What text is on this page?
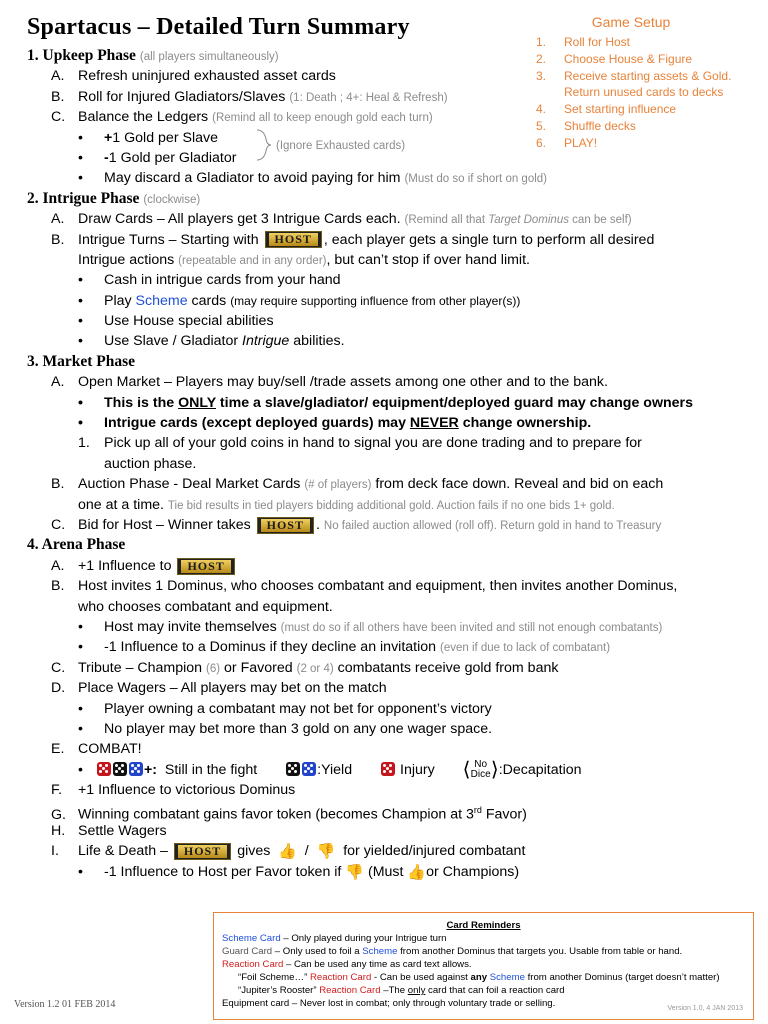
Spartacus – Detailed Turn Summary	Game Setup
1.	Roll for Host
2.	Choose House & Figure
3.	Receive starting assets & Gold. Return unused cards to decks
4.	Set starting influence
5.	Shuffle decks
6.	PLAY!
(Ignore Exhausted cards)
1. Upkeep Phase (all players simultaneously)
A. Refresh uninjured exhausted asset cards
B. Roll for Injured Gladiators/Slaves (1: Death ; 4+: Heal & Refresh)
C. Balance the Ledgers (Remind all to keep enough gold each turn)
•+1 Gold per Slave
•-1 Gold per Gladiator
•May discard a Gladiator to avoid paying for him (Must do so if short on gold)
2. Intrigue Phase (clockwise)
A. Draw Cards – All players get 3 Intrigue Cards each. (Remind all that Target Dominus can be self)
B. Intrigue Turns – Starting with HOST , each player gets a single turn to perform all desired
Intrigue actions (repeatable and in any order), but can’t stop if over hand limit.
•Cash in intrigue cards from your hand
•Play Scheme cards (may require supporting influence from other player(s))
•Use House special abilities
•Use Slave / Gladiator Intrigue abilities.
3. Market Phase
A. Open Market – Players may buy/sell /trade assets among one other and to the bank.
•This is the ONLY time a slave/gladiator/ equipment/deployed guard may change owners
•Intrigue cards (except deployed guards) may NEVER change ownership.
•
1. Pick up all of your gold coins in hand to signal you are done trading and to prepare for
auction phase.
B. Auction Phase - Deal Market Cards (# of players) from deck face down. Reveal and bid on each
one at a time. Tie bid results in tied players bidding additional gold. Auction fails if no one bids 1+ gold.
C. Bid for Host – Winner takes HOST . No failed auction allowed (roll off). Return gold in hand to Treasury
4. Arena Phase
A. +1 Influence to HOST
B. Host invites 1 Dominus, who chooses combatant and equipment, then invites another Dominus,
who chooses combatant and equipment.
•Host may invite themselves (must do so if all others have been invited and still not enough combatants)
•-1 Influence to a Dominus if they decline an invitation (even if due to lack of combatant)
C. Tribute – Champion (6) or Favored (2 or 4) combatants receive gold from bank
D. Place Wagers – All players may bet on the match
•Player owning a combatant may not bet for opponent’s victory
•No player may bet more than 3 gold on any one wager space.
E. COMBAT!
•+: Still in the fight	:Yield	Injury ⟨	No
Dice ⟩ :Decapitation
F. +1 Influence to victorious Dominus
G. Winning combatant gains favor token (becomes Champion at 3rd Favor)
H. Settle Wagers
I. Life & Death – HOST gives 👍 / 👎 for yielded/injured combatant
•-1 Influence to Host per Favor token if 👎 (Must 👍or Champions)
Version 1.2 01 FEB 2014
Card Reminders
Scheme Card – Only played during your Intrigue turn
Guard Card – Only used to foil a Scheme from another Dominus that targets you. Usable from table or hand.
Reaction Card – Can be used any time as card text allows.
“Foil Scheme…” Reaction Card - Can be used against any Scheme from another Dominus (target doesn’t matter)
“Jupiter’s Rooster” Reaction Card –The only card that can foil a reaction card
Equipment card – Never lost in combat; only through voluntary trade or selling.	Version 1.0, 4 JAN 2013
